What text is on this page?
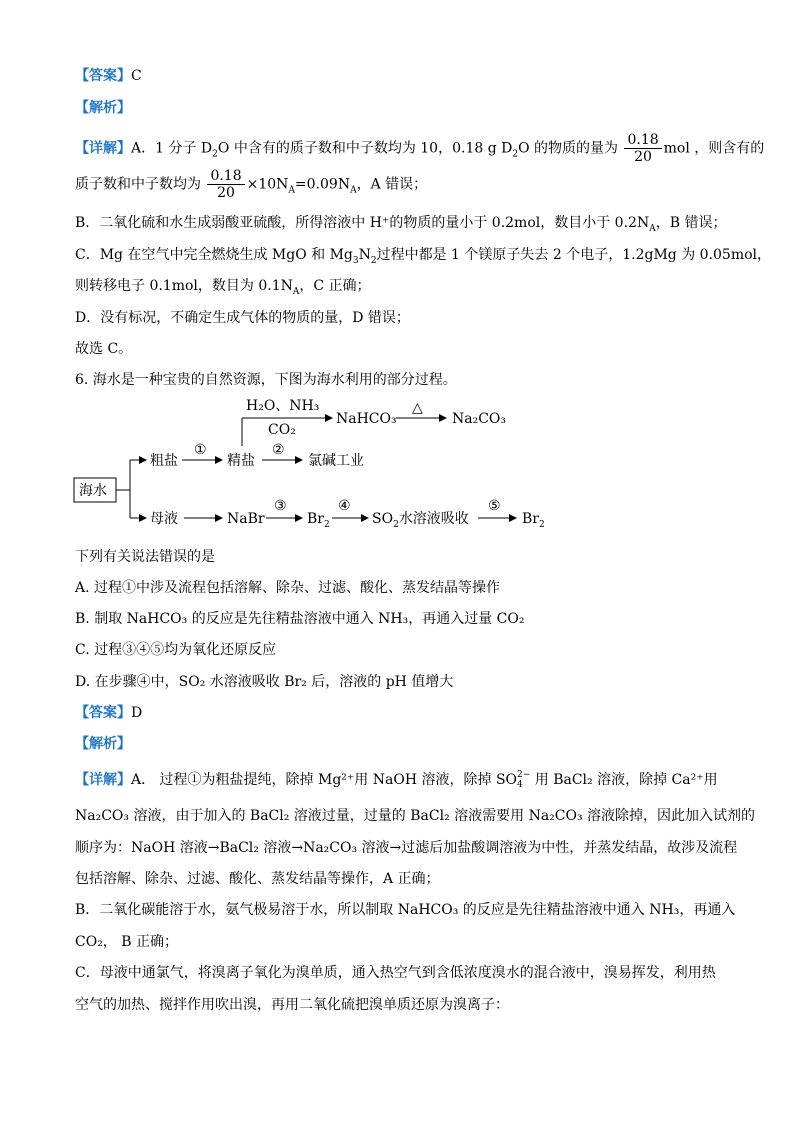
【答案】C
【解析】
【详解】A．1 分子 $D_2O$ 中含有的质子数和中子数均为 10，0.18 g $D_2O$ 的物质的量为 $\frac{0.18}{20}$ mol ，则含有的
质子数和中子数均为 $\frac{0.18}{20} \times 10N_A=0.09N_A$，A 错误；
B．二氧化硫和水生成弱酸亚硫酸，所得溶液中 H⁺的物质的量小于 0.2mol，数目小于 $0.2N_A$，B 错误；
C．Mg 在空气中完全燃烧生成 MgO 和 $Mg_3N_2$过程中都是 1 个镁原子失去 2 个电子，1.2gMg 为 0.05mol，
则转移电子 0.1mol，数目为 $0.1N_A$，C 正确；
D．没有标况，不确定生成气体的物质的量，D 错误；
故选 C。
6. 海水是一种宝贵的自然资源，下图为海水利用的部分过程。
海水
粗盐
①
精盐
②
氯碱工业
H₂O、NH₃
CO₂
NaHCO₃
△
Na₂CO₃
母液	NaBr
③
$Br_2$
④
$SO_2$水溶液吸收
⑤
$Br_2$
下列有关说法错误的是
A. 过程①中涉及流程包括溶解、除杂、过滤、酸化、蒸发结晶等操作
B. 制取 NaHCO₃ 的反应是先往精盐溶液中通入 NH₃，再通入过量 CO₂
C. 过程③④⑤均为氧化还原反应
D. 在步骤④中，SO₂ 水溶液吸收 Br₂ 后，溶液的 pH 值增大
【答案】D
【解析】
【详解】A． 过程①为粗盐提纯，除掉 Mg²⁺用 NaOH 溶液，除掉 SO2−
4 用 BaCl₂ 溶液，除掉 Ca²⁺用
Na₂CO₃ 溶液，由于加入的 BaCl₂ 溶液过量，过量的 BaCl₂ 溶液需要用 Na₂CO₃ 溶液除掉，因此加入试剂的
顺序为：NaOH 溶液→BaCl₂ 溶液→Na₂CO₃ 溶液→过滤后加盐酸调溶液为中性，并蒸发结晶，故涉及流程
包括溶解、除杂、过滤、酸化、蒸发结晶等操作，A 正确；
B．二氧化碳能溶于水，氨气极易溶于水，所以制取 NaHCO₃ 的反应是先往精盐溶液中通入 NH₃，再通入
CO₂， B 正确；
C．母液中通氯气，将溴离子氧化为溴单质，通入热空气到含低浓度溴水的混合液中，溴易挥发，利用热
空气的加热、搅拌作用吹出溴，再用二氧化硫把溴单质还原为溴离子：
